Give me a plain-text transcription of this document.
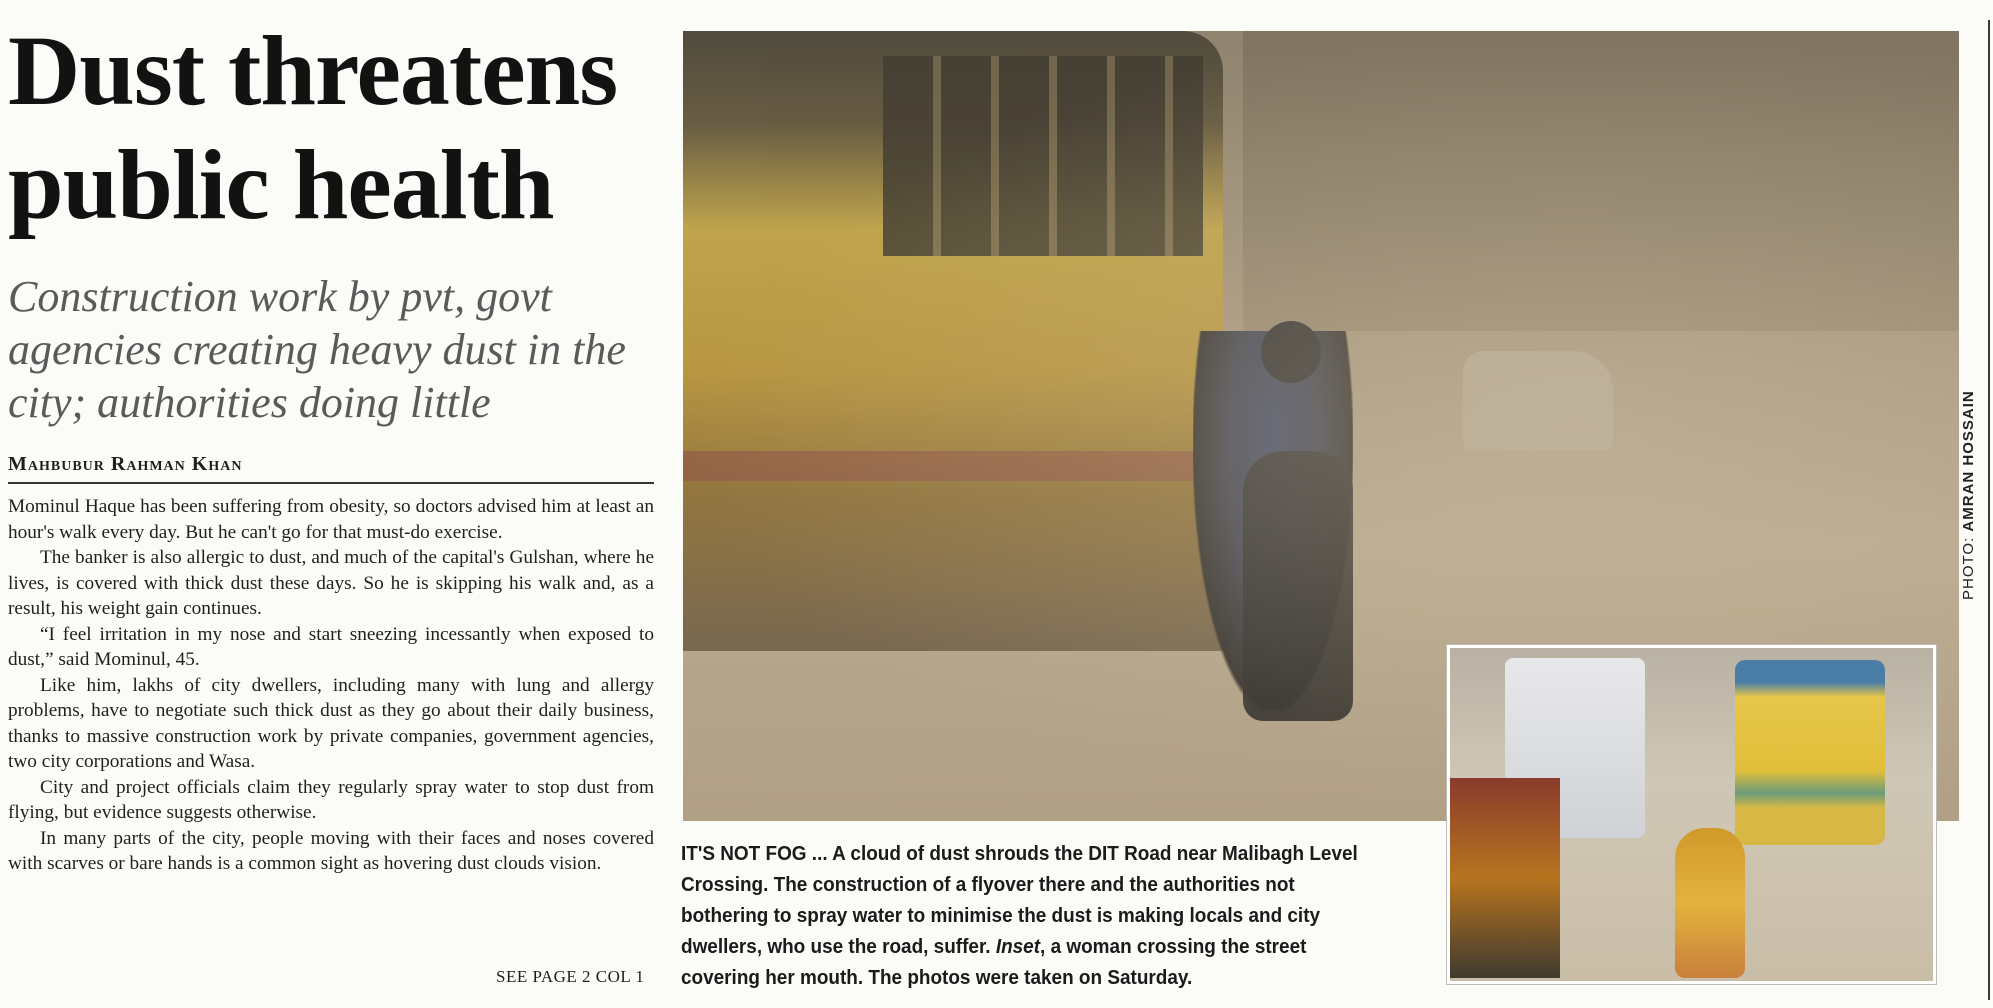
Dust threatens public health

Construction work by pvt, govt agencies creating heavy dust in the city; authorities doing little

Mahbubur Rahman Khan

Mominul Haque has been suffering from obesity, so doctors advised him at least an hour's walk every day. But he can't go for that must-do exercise.

The banker is also allergic to dust, and much of the capital's Gulshan, where he lives, is covered with thick dust these days. So he is skipping his walk and, as a result, his weight gain continues.

“I feel irritation in my nose and start sneezing incessantly when exposed to dust,” said Mominul, 45.

Like him, lakhs of city dwellers, including many with lung and allergy problems, have to negotiate such thick dust as they go about their daily business, thanks to massive construction work by private companies, government agencies, two city corporations and Wasa.

City and project officials claim they regularly spray water to stop dust from flying, but evidence suggests otherwise.

In many parts of the city, people moving with their faces and noses covered with scarves or bare hands is a common sight as hovering dust clouds vision.

SEE PAGE 2 COL 1
IT'S NOT FOG ... A cloud of dust shrouds the DIT Road near Malibagh Level Crossing. The construction of a flyover there and the authorities not bothering to spray water to minimise the dust is making locals and city dwellers, who use the road, suffer. Inset, a woman crossing the street covering her mouth. The photos were taken on Saturday.
PHOTO: AMRAN HOSSAIN
